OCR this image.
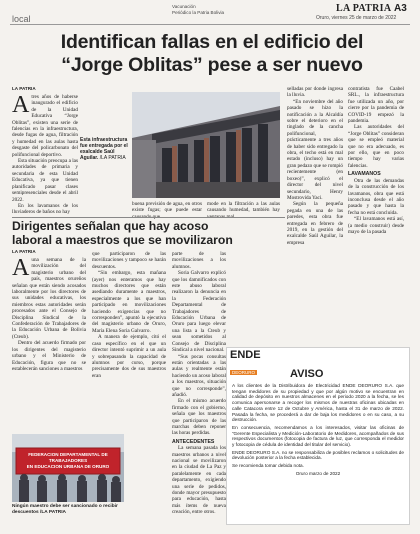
local
Vacunación
Periódico la Patria Bolivia	LA PATRIA A3
Oruro, viernes 25 de marzo de 2022
Identifican fallas en el edificio del
“Jorge Oblitas” pese a ser nuevo
LA PATRIA
Atres años de haberse inaugurado el edificio de la Unidad Educativa “Jorge Oblitas”, existen una serie de falencias en la infraestructura, desde fugas de agua, filtración y humedad en las aulas hasta desgaste del policarbonato del polifuncional deportivo.

Esta situación preocupa a las autoridades de primaria y secundaria de esta Unidad Educativa, ya que tienen planificado pasar clases semipresenciales desde el abril 2022.

En los lavamanos de los lluviaderos de baños no hay

Esta infraestructura fue entregada por el exalcalde Saúl Aguilar. /LA PATRIA
buena previsión de agua, en otros existe fugas; que puede estar
mode en la filtración a las aulas causando humedad, también hay
selladas por donde ingresa la lluvia.

“En noviembre del año pasado se hizo la notificación a la Alcaldía sobre el deterioro en el tinglado de la cancha polifuncional, prácticamente a tres años de haber sido entregado la obra, el techo está en mal estado (incluso) hay un gran pedazo que se rompió recientemente (en boxeo)”, explicó el director del nivel secundario, Henry Mostrovida Yaci.

Según la pequeña pegada en una de las paredes, esta obra fue entregada en febrero de 2019, en la gestión del exalcalde Saúl Aguilar, la empresa

contratista fue Caabel SRL., la infraestructura fue utilizada un año, por cierre por la pandemia de COVID-19 empezó la pandemia.

Las autoridades del “Jorge Oblitas” consideran que se empleó material que no era adecuado, es por ello, que en poco tiempo hay varias falencias.

LAVAMANOS

Otra de las demandas de la construcción de los lavamanos, obra que está inconclusa desde el año pasado y que hasta la fecha no está concluida.

“El lavamanos está así, (a medio construir) desde mayo de la pasada

Dirigentes señalan que hay acoso
laboral a maestros que se movilizaron
LA PATRIA
Auna semana de la movilización del magisterio urbano del país, maestros orureños señalan que están siendo acosados laboralmente por los directores de sus unidades educativas, los miembros estas autoridades serán procesados ante el Consejo de Disciplina Sindical de la Confederación de Trabajadores de la Educación Urbana de Bolivia (Cteub).

Dentro del acuerdo firmado por los dirigentes del magisterio urbano y el Ministerio de Educación, figura que no se establecerán sanciones a maestros

que participaron de las movilizaciones y tampoco se harán descuentos.

“Sin embargo, esta mañana (ayer) nos enteramos que hay muchos directores que están asediando duramente a maestros, especialmente a los que han participado en movilizaciones haciendo exigencias que no corresponden”, apuntó la ejecutiva del magisterio urbano de Oruro, María Elena Soria Galvarro.

A manera de ejemplo, citó el caso específico en el que un director intentó suprimir a un aula y sobrepasando la capacidad de alumnos por curso, porque precisamente dos de sus maestros eran

parte de las movilizaciones a los alumnos.

Soria Galvarro explicó que los damnificados con este abuso laboral realizaron la denuncia en la Federación Departamental de Trabajadores de Educación Urbana de Oruro para luego elevar una lista a la Cteub y sean sometidos al Consejo de Disciplina Sindical a nivel nacional.

“Sus pocas consultas están orientadas a las aulas y realmente están haciendo un acoso laboral a los maestros, situación que no corresponde”, añadió.

En el mismo acuerdo firmado con el gobierno, señala que los maestros que participaron de las marchas deben reponer las horas perdidas.

ANTECEDENTES

La semana pasada los maestros urbanos a nivel nacional se movilizaron en la ciudad de La Paz y paralelamente en cada departamento, exigiendo una serie de pedidos, donde mayor presupuesto para educación, hasta más ítems de nueva creación, entre otros.

FEDERACION DEPARTAMENTAL DE TRABAJADORES
EN EDUCACION URBANA DE ORURO
Ningún maestro debe ser sancionado o recibir descuentos /LA PATRIA
ENDE
DEORURO	AVISO

A los clientes de la Distribuidora de Electricidad ENDE DEORURO S.A. que tengan medidores de su propiedad y que por algún motivo se encuentran en calidad de depósito en nuestros almacenes en el periodo 2020 a la fecha, se les comunica apersonarse a recoger los mismos de nuestras oficinas ubicadas en calle Catacora entre 12 de Octubre y América, hasta el 31 de marzo de 2022. Pasada la fecha, se procederá a dar de baja los medidores o en su caso, a su destrucción.

En consecuencia, recomendamos a los interesados, visitar las oficinas de “Gerente Especialista y Medición-Laboratorio de Medidores, acompañados de sus respectivos documentos (fotocopia de factura de luz, que corresponda el medidor y fotocopia de cédula de identidad del titular del servicio).

ENDE DEORURO S.A. no se responsabiliza de posibles reclamos o solicitudes de devolución posterior a la fecha establecida.

Se recomienda tomar debida nota.

Oruro marzo de 2022
